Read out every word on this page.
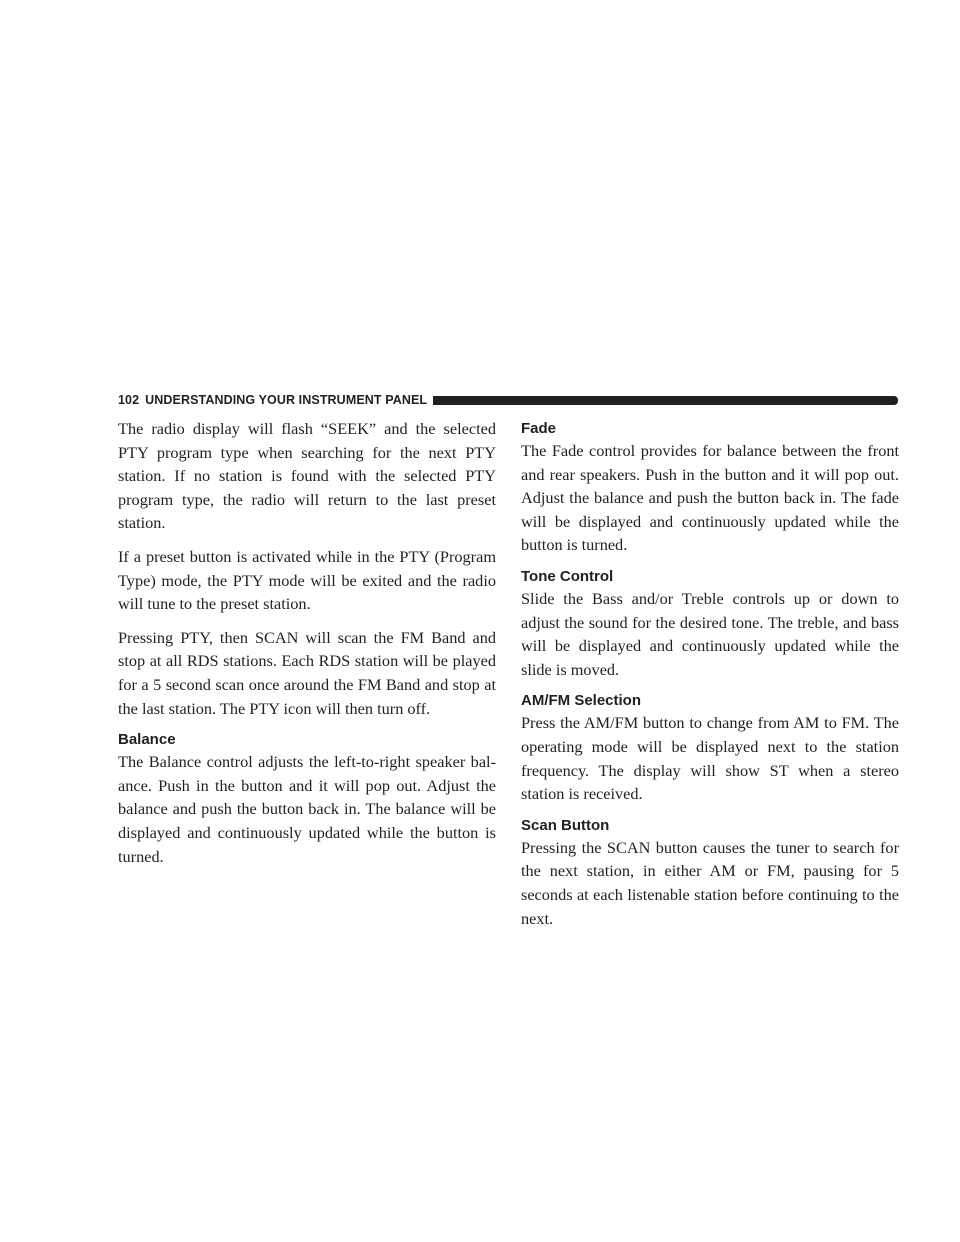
102 UNDERSTANDING YOUR INSTRUMENT PANEL

The radio display will flash “SEEK” and the selected PTY program type when searching for the next PTY station. If no station is found with the selected PTY program type, the radio will return to the last preset station.

If a preset button is activated while in the PTY (Program Type) mode, the PTY mode will be exited and the radio will tune to the preset station.

Pressing PTY, then SCAN will scan the FM Band and stop at all RDS stations. Each RDS station will be played for a 5 second scan once around the FM Band and stop at the last station. The PTY icon will then turn off.

Balance

The Balance control adjusts the left-to-right speaker bal-ance. Push in the button and it will pop out. Adjust the balance and push the button back in. The balance will be displayed and continuously updated while the button is turned.

Fade

The Fade control provides for balance between the front and rear speakers. Push in the button and it will pop out. Adjust the balance and push the button back in. The fade will be displayed and continuously updated while the button is turned.

Tone Control

Slide the Bass and/or Treble controls up or down to adjust the sound for the desired tone. The treble, and bass will be displayed and continuously updated while the slide is moved.

AM/FM Selection

Press the AM/FM button to change from AM to FM. The operating mode will be displayed next to the station frequency. The display will show ST when a stereo station is received.

Scan Button

Pressing the SCAN button causes the tuner to search for the next station, in either AM or FM, pausing for 5 seconds at each listenable station before continuing to the next.
